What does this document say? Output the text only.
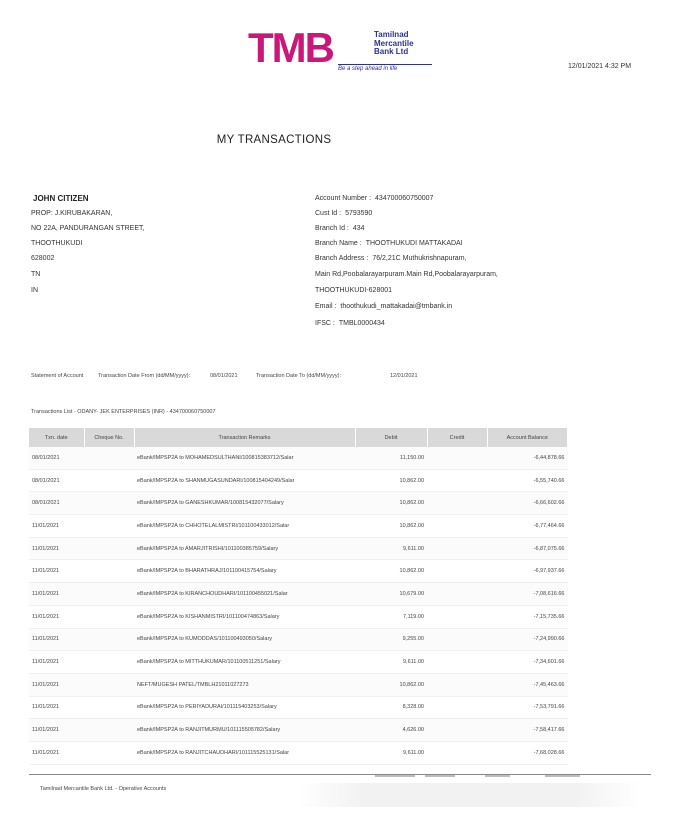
TMB	Tamilnad
Mercantile
Bank Ltd
Be a step ahead in life	12/01/2021 4:32 PM
MY TRANSACTIONS
JOHN CITIZEN
PROP: J.KIRUBAKARAN,
NO 22A, PANDURANGAN STREET,
THOOTHUKUDI
628002
TN
IN
Account Number : 434700060750007
Cust Id : 5793590
Branch Id : 434
Branch Name : THOOTHUKUDI MATTAKADAI
Branch Address : 76/2,21C Muthukrishnapuram,
Main Rd,Poobalarayarpuram.Main Rd,Poobalarayarpuram,
THOOTHUKUDI-628001
Email : thoothukudi_mattakadai@tmbank.in
IFSC : TMBL0000434
Statement of Account	Transaction Date From (dd/MM/yyyy):	08/01/2021	Transaction Date To (dd/MM/yyyy):	12/01/2021
Transactions List - ODANY- JEK ENTERPRISES (INR) - 434700060750007
Txn. date	Cheque No.	Transaction Remarks	Debit	Credit	Account Balance
08/01/2021		eBank/IMPSP2A to MOHAMEDSULTHANI/100815383712/Salar	11,150.00		-6,44,878.66
08/01/2021		eBank/IMPSP2A to SHANMUGASUNDARI/100815404249/Salar	10,862.00		-6,55,740.66
08/01/2021		eBank/IMPSP2A to GANESHKUMAR/100815432077/Salary	10,862.00		-6,66,602.66
11/01/2021		eBank/IMPSP2A to CHHOTELALMISTRI/101100433012/Salar	10,862.00		-6,77,464.66
11/01/2021		eBank/IMPSP2A to AMARJITRISHI/101100385759/Salary	9,611.00		-6,87,075.66
11/01/2021		eBank/IMPSP2A to BHARATHRAJ/101100415754/Salary	10,862.00		-6,97,937.66
11/01/2021		eBank/IMPSP2A to KIRANCHOUDHARI/101100455021/Salar	10,679.00		-7,08,616.66
11/01/2021		eBank/IMPSP2A to KISHANMISTRI/101100474863/Salary	7,119.00		-7,15,735.66
11/01/2021		eBank/IMPSP2A to KUMODDAS/101100493050/Salary	9,255.00		-7,24,990.66
11/01/2021		eBank/IMPSP2A to MITTHUKUMAR/101100511251/Salary	9,611.00		-7,34,601.66
11/01/2021		NEFT/MUGESH PATEL/TMBLH21011027273	10,862.00		-7,45,463.66
11/01/2021		eBank/IMPSP2A to PERIYADURAI/101115403253/Salary	8,328.00		-7,53,791.66
11/01/2021		eBank/IMPSP2A to RANJITMURMU/101115505782/Salary	4,626.00		-7,58,417.66
11/01/2021		eBank/IMPSP2A to RANJITCHAUDHARI/101115525131/Salar	9,611.00		-7,68,028.66
Tamilnad Mercantile Bank Ltd. - Operative Accounts
